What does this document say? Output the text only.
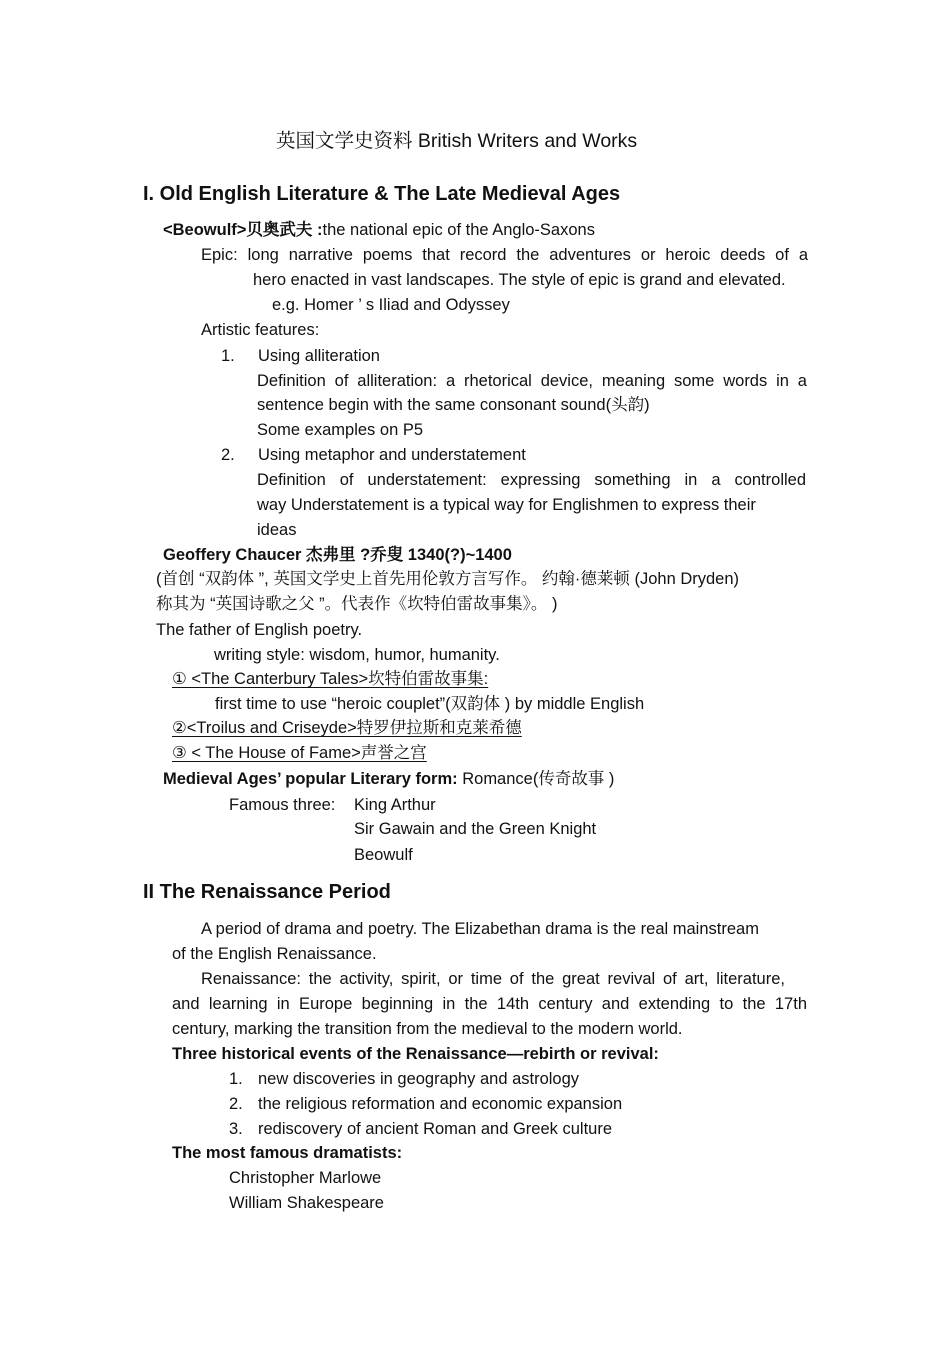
英国文学史资料 British Writers and Works
I. Old English Literature & The Late Medieval Ages
<Beowulf>贝奥武夫 :the national epic of the Anglo-Saxons
Epic: long narrative poems that record the adventures or heroic deeds of a
hero enacted in vast landscapes. The style of epic is grand and elevated.
e.g. Homer ’ s Iliad and Odyssey
Artistic features:
1. Using alliteration
Definition of alliteration: a rhetorical device, meaning some words in a
sentence begin with the same consonant sound(头韵)
Some examples on P5
2. Using metaphor and understatement
Definition of understatement: expressing something in a controlled
way Understatement is a typical way for Englishmen to express their
ideas
Geoffery Chaucer 杰弗里 ?乔叟 1340(?)~1400
(首创 “双韵体 ”, 英国文学史上首先用伦敦方言写作。 约翰·德莱顿 (John Dryden)
称其为 “英国诗歌之父 ”。代表作《坎特伯雷故事集》。 )
The father of English poetry.
writing style: wisdom, humor, humanity.
① <The Canterbury Tales>坎特伯雷故事集:
first time to use “heroic couplet”(双韵体 ) by middle English
②<Troilus and Criseyde>特罗伊拉斯和克莱希德
③ < The House of Fame>声誉之宫
Medieval Ages’ popular Literary form: Romance(传奇故事 )
Famous three: King Arthur
Sir Gawain and the Green Knight
Beowulf
II The Renaissance Period
A period of drama and poetry. The Elizabethan drama is the real mainstream
of the English Renaissance.
Renaissance: the activity, spirit, or time of the great revival of art, literature,
and learning in Europe beginning in the 14th century and extending to the 17th
century, marking the transition from the medieval to the modern world.
Three historical events of the Renaissance—rebirth or revival:
1. new discoveries in geography and astrology
2. the religious reformation and economic expansion
3. rediscovery of ancient Roman and Greek culture
The most famous dramatists:
Christopher Marlowe
William Shakespeare
